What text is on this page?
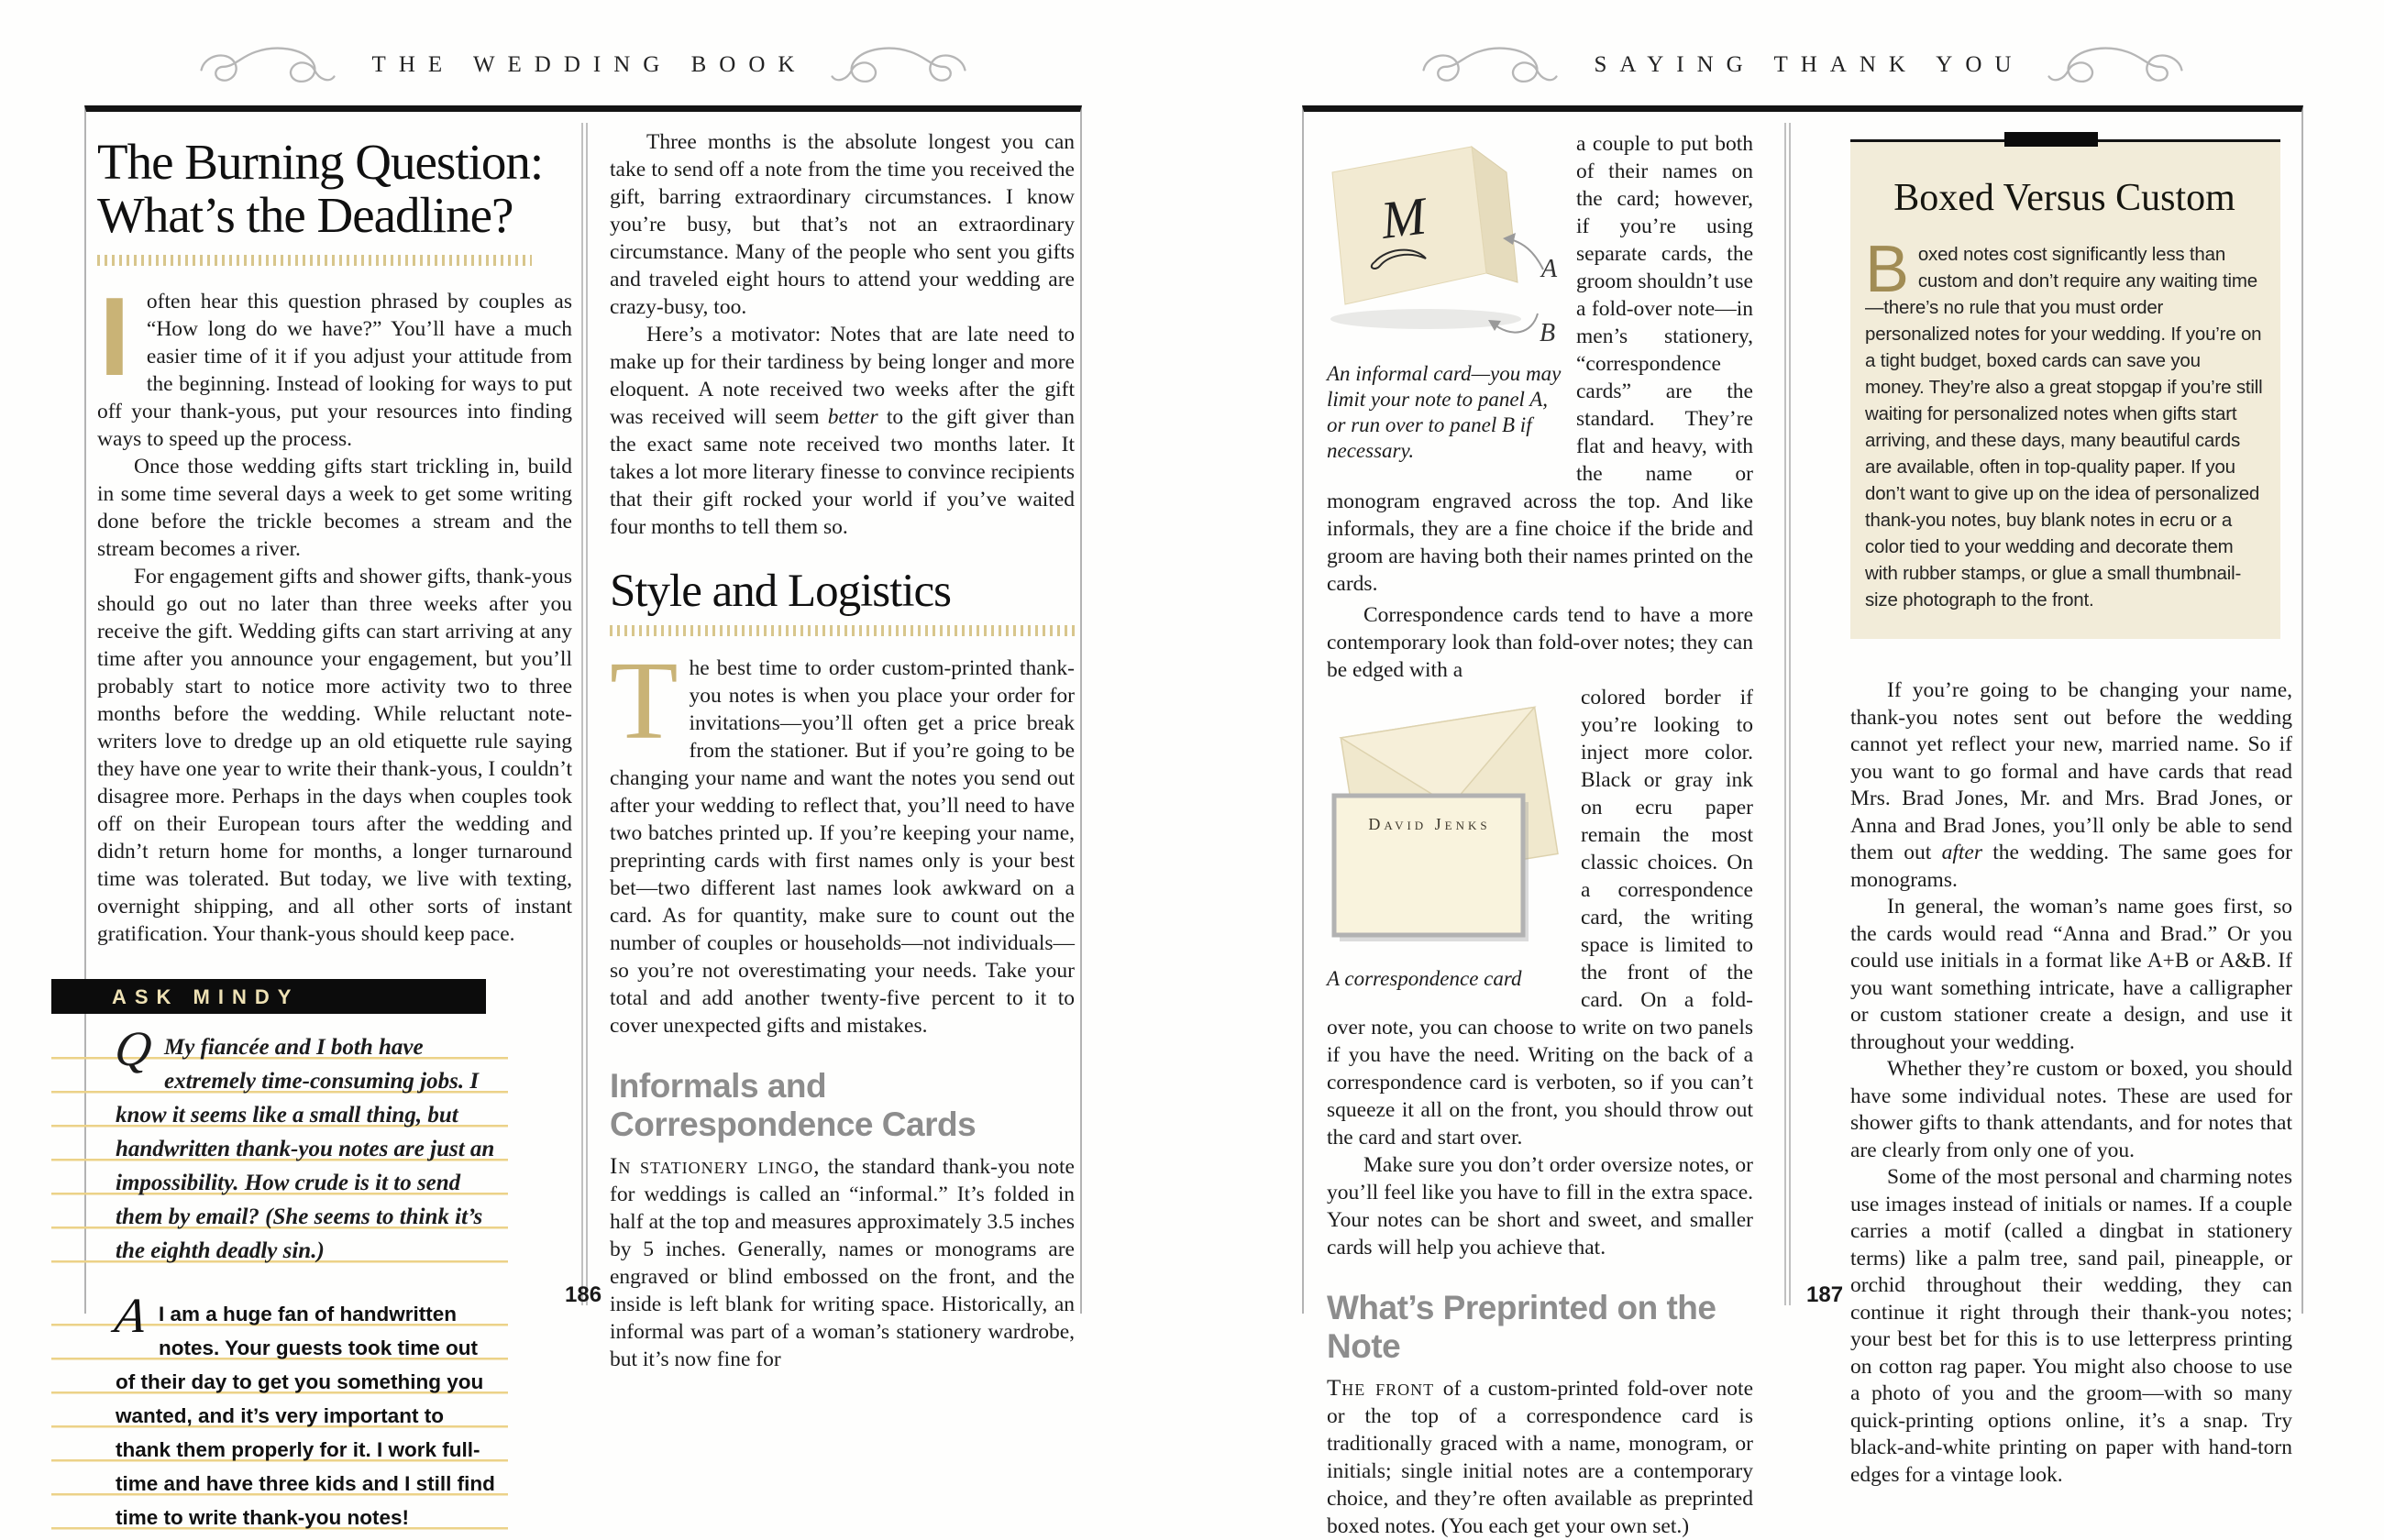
THE WEDDING BOOK	SAYING THANK YOU
The Burning Question:
What’s the Deadline?

Ioften hear this question phrased by couples as “How long do we have?” You’ll have a much easier time of it if you adjust your attitude from the beginning. Instead of looking for ways to put off your thank-yous, put your resources into finding ways to speed up the process.

Once those wedding gifts start trickling in, build in some time several days a week to get some writing done before the trickle becomes a stream and the stream becomes a river.

For engagement gifts and shower gifts, thank-yous should go out no later than three weeks after you receive the gift. Wedding gifts can start arriving at any time after you announce your engagement, but you’ll probably start to notice more activity two to three months before the wedding. While reluctant note-writers love to dredge up an old etiquette rule saying they have one year to write their thank-yous, I couldn’t disagree more. Perhaps in the days when couples took off on their European tours after the wedding and didn’t return home for months, a longer turnaround time was tolerated. But today, we live with texting, overnight shipping, and all other sorts of instant gratification. Your thank-yous should keep pace.

ASK MINDY
Q My fiancée and I both have extremely time-consuming jobs. I know it seems like a small thing, but handwritten thank-you notes are just an impossibility. How crude is it to send them by email? (She seems to think it’s the eighth deadly sin.)
A I am a huge fan of handwritten notes. Your guests took time out of their day to get you something you wanted, and it’s very important to thank them properly for it. I work full-time and have three kids and I still find time to write thank-you notes!

Three months is the absolute longest you can take to send off a note from the time you received the gift, barring extraordinary circumstances. I know you’re busy, but that’s not an extraordinary circumstance. Many of the people who sent you gifts and traveled eight hours to attend your wedding are crazy-busy, too.

Here’s a motivator: Notes that are late need to make up for their tardiness by being longer and more eloquent. A note received two weeks after the gift was received will seem better to the gift giver than the exact same note received two months later. It takes a lot more literary finesse to convince recipients that their gift rocked your world if you’ve waited four months to tell them so.

Style and Logistics

The best time to order custom-printed thank-you notes is when you place your order for invitations—you’ll often get a price break from the stationer. But if you’re going to be changing your name and want the notes you send out after your wedding to reflect that, you’ll need to have two batches printed up. If you’re keeping your name, preprinting cards with first names only is your best bet—two different last names look awkward on a card. As for quantity, make sure to count out the number of couples or households—not individuals—so you’re not overestimating your needs. Take your total and add another twenty-five percent to it to cover unexpected gifts and mistakes.

Informals and Correspondence Cards

In stationery lingo, the standard thank-you note for weddings is called an “informal.” It’s folded in half at the top and measures approximately 3.5 inches by 5 inches. Generally, names or monograms are engraved or blind embossed on the front, and the inside is left blank for writing space. Historically, an informal was part of a woman’s stationery wardrobe, but it’s now fine for

186
M
A
B
An informal card—you may limit your note to panel A, or run over to panel B if necessary.

a couple to put both of their names on the card; however, if you’re using separate cards, the groom shouldn’t use a fold-over note—in men’s stationery, “correspondence cards” are the standard. They’re flat and heavy, with the name or monogram engraved across the top. And like informals, they are a fine choice if the bride and groom are having both their names printed on the cards.

Correspondence cards tend to have a more contemporary look than fold-over notes; they can be edged with a

David Jenks
A correspondence card

colored border if you’re looking to inject more color. Black or gray ink on ecru paper remain the most classic choices. On a correspondence card, the writing space is limited to the front of the card. On a fold-over note, you can choose to write on two panels if you have the need. Writing on the back of a correspondence card is verboten, so if you can’t squeeze it all on the front, you should throw out the card and start over.

Make sure you don’t order oversize notes, or you’ll feel like you have to fill in the extra space. Your notes can be short and sweet, and smaller cards will help you achieve that.

What’s Preprinted on the Note

The front of a custom-printed fold-over note or the top of a correspondence card is traditionally graced with a name, monogram, or initials; single initial notes are a contemporary choice, and they’re often available as preprinted boxed notes. (You each get your own set.)

Boxed Versus Custom

Boxed notes cost significantly less than custom and don’t require any waiting time—there’s no rule that you must order personalized notes for your wedding. If you’re on a tight budget, boxed cards can save you money. They’re also a great stopgap if you’re still waiting for personalized notes when gifts start arriving, and these days, many beautiful cards are available, often in top-quality paper. If you don’t want to give up on the idea of personalized thank-you notes, buy blank notes in ecru or a color tied to your wedding and decorate them with rubber stamps, or glue a small thumbnail-size photograph to the front.

If you’re going to be changing your name, thank-you notes sent out before the wedding cannot yet reflect your new, married name. So if you want to go formal and have cards that read Mrs. Brad Jones, Mr. and Mrs. Brad Jones, or Anna and Brad Jones, you’ll only be able to send them out after the wedding. The same goes for monograms.

In general, the woman’s name goes first, so the cards would read “Anna and Brad.” Or you could use initials in a format like A+B or A&B. If you want something intricate, have a calligrapher or custom stationer create a design, and use it throughout your wedding.

Whether they’re custom or boxed, you should have some individual notes. These are used for shower gifts to thank attendants, and for notes that are clearly from only one of you.

Some of the most personal and charming notes use images instead of initials or names. If a couple carries a motif (called a dingbat in stationery terms) like a palm tree, sand pail, pineapple, or orchid throughout their wedding, they can continue it right through their thank-you notes; your best bet for this is to use letterpress printing on cotton rag paper. You might also choose to use a photo of you and the groom—with so many quick-printing options online, it’s a snap. Try black-and-white printing on paper with hand-torn edges for a vintage look.

187
